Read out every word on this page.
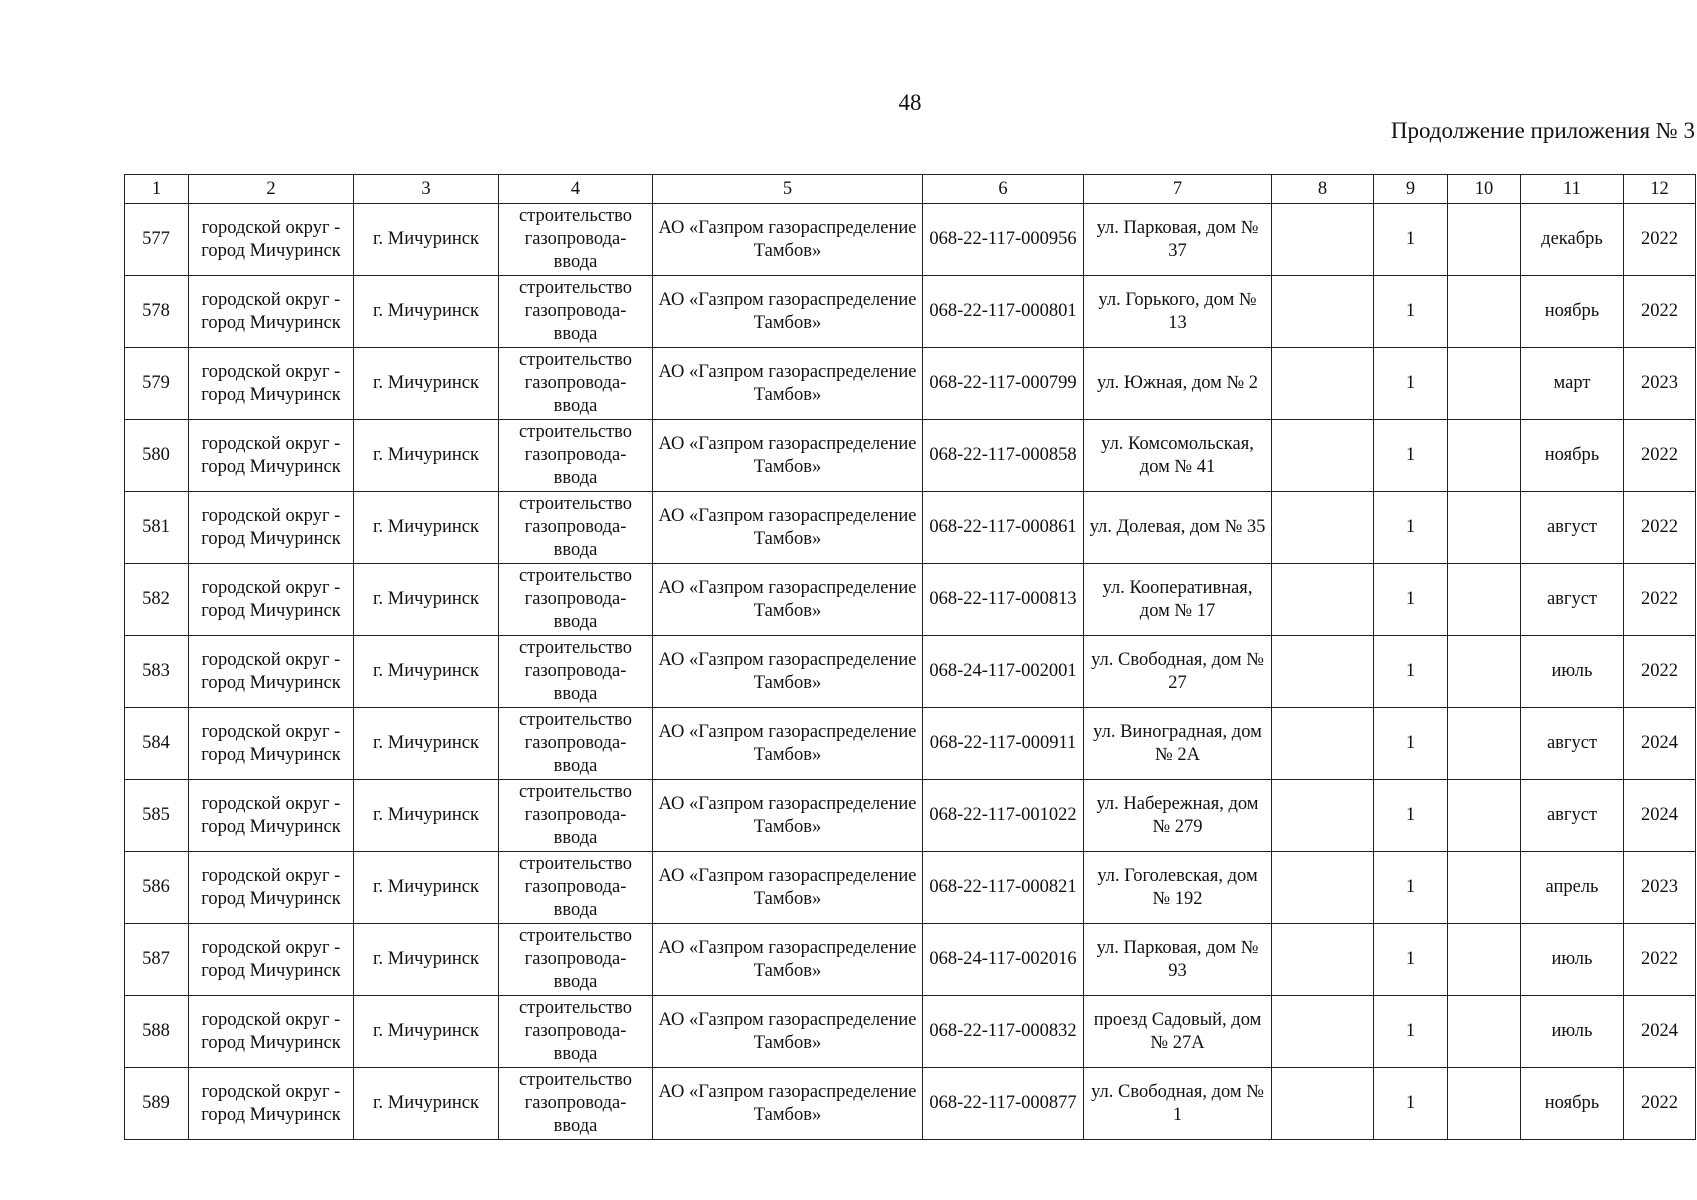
48
Продолжение приложения № 3
1	2	3	4	5	6	7	8	9	10	11	12
577	городской округ - город Мичуринск	г. Мичуринск	строительство газопровода-ввода	АО «Газпром газораспределение Тамбов»	068-22-117-000956	ул. Парковая, дом № 37		1		декабрь	2022
578	городской округ - город Мичуринск	г. Мичуринск	строительство газопровода-ввода	АО «Газпром газораспределение Тамбов»	068-22-117-000801	ул. Горького, дом № 13		1		ноябрь	2022
579	городской округ - город Мичуринск	г. Мичуринск	строительство газопровода-ввода	АО «Газпром газораспределение Тамбов»	068-22-117-000799	ул. Южная, дом № 2		1		март	2023
580	городской округ - город Мичуринск	г. Мичуринск	строительство газопровода-ввода	АО «Газпром газораспределение Тамбов»	068-22-117-000858	ул. Комсомольская, дом № 41		1		ноябрь	2022
581	городской округ - город Мичуринск	г. Мичуринск	строительство газопровода-ввода	АО «Газпром газораспределение Тамбов»	068-22-117-000861	ул. Долевая, дом № 35		1		август	2022
582	городской округ - город Мичуринск	г. Мичуринск	строительство газопровода-ввода	АО «Газпром газораспределение Тамбов»	068-22-117-000813	ул. Кооперативная, дом № 17		1		август	2022
583	городской округ - город Мичуринск	г. Мичуринск	строительство газопровода-ввода	АО «Газпром газораспределение Тамбов»	068-24-117-002001	ул. Свободная, дом № 27		1		июль	2022
584	городской округ - город Мичуринск	г. Мичуринск	строительство газопровода-ввода	АО «Газпром газораспределение Тамбов»	068-22-117-000911	ул. Виноградная, дом № 2А		1		август	2024
585	городской округ - город Мичуринск	г. Мичуринск	строительство газопровода-ввода	АО «Газпром газораспределение Тамбов»	068-22-117-001022	ул. Набережная, дом № 279		1		август	2024
586	городской округ - город Мичуринск	г. Мичуринск	строительство газопровода-ввода	АО «Газпром газораспределение Тамбов»	068-22-117-000821	ул. Гоголевская, дом № 192		1		апрель	2023
587	городской округ - город Мичуринск	г. Мичуринск	строительство газопровода-ввода	АО «Газпром газораспределение Тамбов»	068-24-117-002016	ул. Парковая, дом № 93		1		июль	2022
588	городской округ - город Мичуринск	г. Мичуринск	строительство газопровода-ввода	АО «Газпром газораспределение Тамбов»	068-22-117-000832	проезд Садовый, дом № 27А		1		июль	2024
589	городской округ - город Мичуринск	г. Мичуринск	строительство газопровода-ввода	АО «Газпром газораспределение Тамбов»	068-22-117-000877	ул. Свободная, дом № 1		1		ноябрь	2022
